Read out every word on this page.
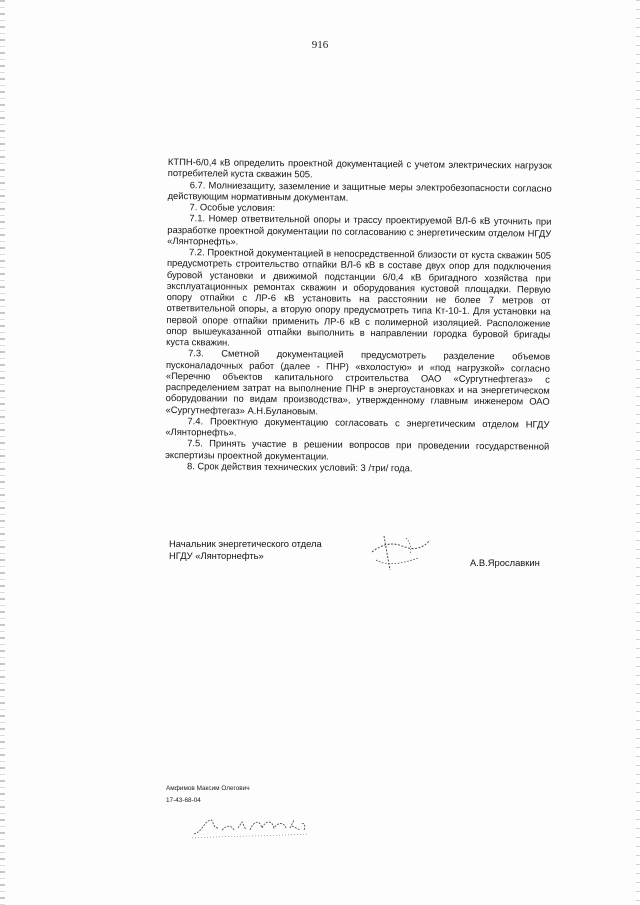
916

КТПН-6/0,4 кВ определить проектной документацией с учетом электрических нагрузок потребителей куста скважин 505.

6.7. Молниезащиту, заземление и защитные меры электробезопасности согласно действующим нормативным документам.

7. Особые условия:

7.1. Номер ответвительной опоры и трассу проектируемой ВЛ-6 кВ уточнить при разработке проектной документации по согласованию с энергетическим отделом НГДУ «Лянторнефть».

7.2. Проектной документацией в непосредственной близости от куста скважин 505 предусмотреть строительство отпайки ВЛ-6 кВ в составе двух опор для подключения буровой установки и движимой подстанции 6/0,4 кВ бригадного хозяйства при эксплуатационных ремонтах скважин и оборудования кустовой площадки. Первую опору отпайки с ЛР-6 кВ установить на расстоянии не более 7 метров от ответвительной опоры, а вторую опору предусмотреть типа Кт-10-1. Для установки на первой опоре отпайки применить ЛР-6 кВ с полимерной изоляцией. Расположение опор вышеуказанной отпайки выполнить в направлении городка буровой бригады куста скважин.

7.3. Сметной документацией предусмотреть разделение объемов пусконаладочных работ (далее - ПНР) «вхолостую» и «под нагрузкой» согласно «Перечню объектов капитального строительства ОАО «Сургутнефтегаз» с распределением затрат на выполнение ПНР в энергоустановках и на энергетическом оборудовании по видам производства», утвержденному главным инженером ОАО «Сургутнефтегаз» А.Н.Булановым.

7.4. Проектную документацию согласовать с энергетическим отделом НГДУ «Лянторнефть».

7.5. Принять участие в решении вопросов при проведении государственной экспертизы проектной документации.

8. Срок действия технических условий: 3 /три/ года.

Начальник энергетического отдела
НГДУ «Лянторнефть»
А.В.Ярославкин
Амфимов Максим Олегович
17-43-68-04
